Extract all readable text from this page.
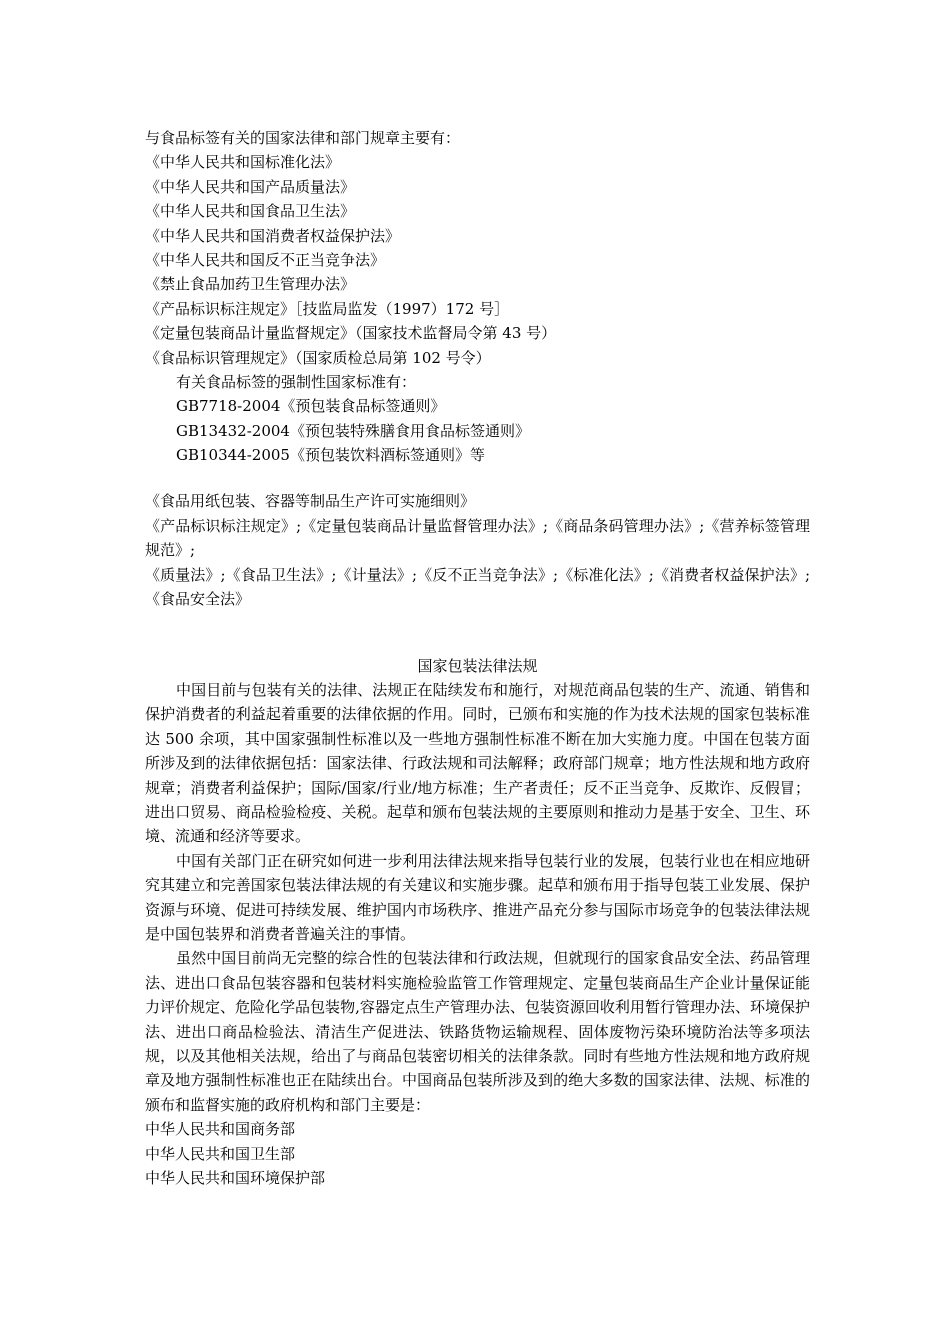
与食品标签有关的国家法律和部门规章主要有：
《中华人民共和国标准化法》
《中华人民共和国产品质量法》
《中华人民共和国食品卫生法》
《中华人民共和国消费者权益保护法》
《中华人民共和国反不正当竞争法》
《禁止食品加药卫生管理办法》
《产品标识标注规定》［技监局监发（1997）172 号］
《定量包装商品计量监督规定》（国家技术监督局令第 43 号）
《食品标识管理规定》（国家质检总局第 102 号令）
有关食品标签的强制性国家标准有：
GB7718-2004《预包装食品标签通则》
GB13432-2004《预包装特殊膳食用食品标签通则》
GB10344-2005《预包装饮料酒标签通则》等

《食品用纸包装、容器等制品生产许可实施细则》

《产品标识标注规定》;《定量包装商品计量监督管理办法》;《商品条码管理办法》;《营养标签管理规范》;

《质量法》;《食品卫生法》;《计量法》;《反不正当竞争法》;《标准化法》;《消费者权益保护法》;《食品安全法》

国家包装法律法规

中国目前与包装有关的法律、法规正在陆续发布和施行，对规范商品包装的生产、流通、销售和保护消费者的利益起着重要的法律依据的作用。同时，已颁布和实施的作为技术法规的国家包装标准达 500 余项，其中国家强制性标准以及一些地方强制性标准不断在加大实施力度。中国在包装方面所涉及到的法律依据包括：国家法律、行政法规和司法解释；政府部门规章；地方性法规和地方政府规章；消费者利益保护；国际/国家/行业/地方标准；生产者责任；反不正当竞争、反欺诈、反假冒；进出口贸易、商品检验检疫、关税。起草和颁布包装法规的主要原则和推动力是基于安全、卫生、环境、流通和经济等要求。

中国有关部门正在研究如何进一步利用法律法规来指导包装行业的发展，包装行业也在相应地研究其建立和完善国家包装法律法规的有关建议和实施步骤。起草和颁布用于指导包装工业发展、保护资源与环境、促进可持续发展、维护国内市场秩序、推进产品充分参与国际市场竞争的包装法律法规是中国包装界和消费者普遍关注的事情。

虽然中国目前尚无完整的综合性的包装法律和行政法规，但就现行的国家食品安全法、药品管理法、进出口食品包装容器和包装材料实施检验监管工作管理规定、定量包装商品生产企业计量保证能力评价规定、危险化学品包装物,容器定点生产管理办法、包装资源回收利用暂行管理办法、环境保护法、进出口商品检验法、清洁生产促进法、铁路货物运输规程、固体废物污染环境防治法等多项法规，以及其他相关法规，给出了与商品包装密切相关的法律条款。同时有些地方性法规和地方政府规章及地方强制性标准也正在陆续出台。中国商品包装所涉及到的绝大多数的国家法律、法规、标准的颁布和监督实施的政府机构和部门主要是：

中华人民共和国商务部
中华人民共和国卫生部
中华人民共和国环境保护部
